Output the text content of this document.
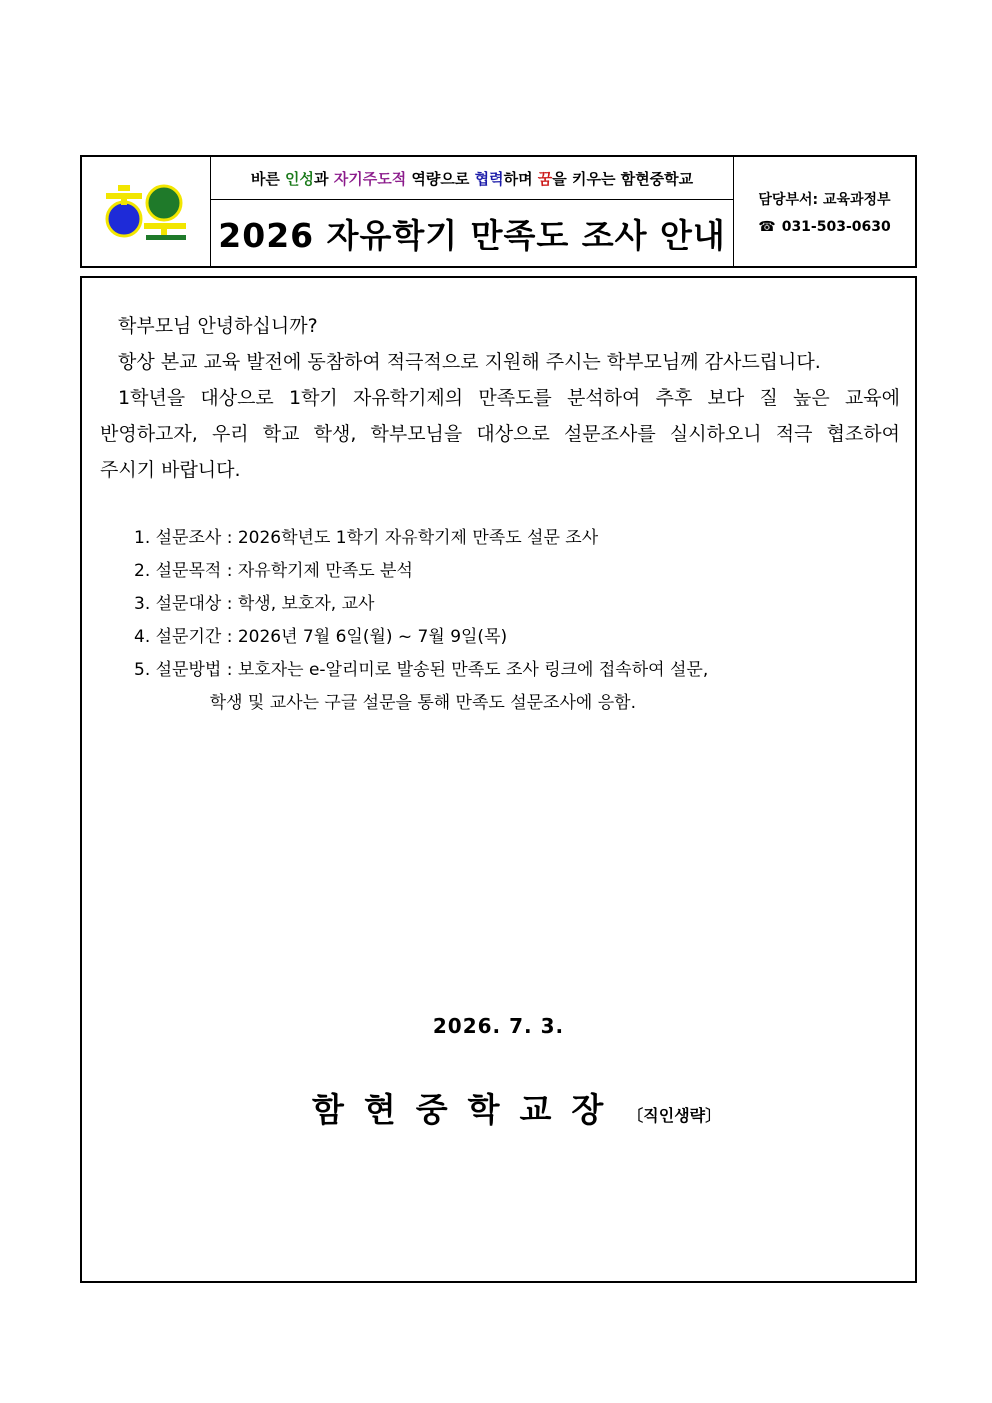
바른 인성 과 자기주도적 역량으로 협력 하며 꿈 을 키우는 함현중학교
2026 자유학기 만족도 조사 안내
담당부서: 교육과정부
☎ 031-503-0630
학부모님 안녕하십니까?
항상 본교 교육 발전에 동참하여 적극적으로 지원해 주시는 학부모님께 감사드립니다.
1학년을 대상으로 1학기 자유학기제의 만족도를 분석하여 추후 보다 질 높은 교육에
반영하고자, 우리 학교 학생, 학부모님을 대상으로 설문조사를 실시하오니 적극 협조하여
주시기 바랍니다.
1. 설문조사 : 2026학년도 1학기 자유학기제 만족도 설문 조사
2. 설문목적 : 자유학기제 만족도 분석
3. 설문대상 : 학생, 보호자, 교사
4. 설문기간 : 2026년 7월 6일(월) ~ 7월 9일(목)
5. 설문방법 : 보호자는 e-알리미로 발송된 만족도 조사 링크에 접속하여 설문,
학생 및 교사는 구글 설문을 통해 만족도 설문조사에 응함.
2026. 7. 3.
함현중학교장 〔직인생략〕
